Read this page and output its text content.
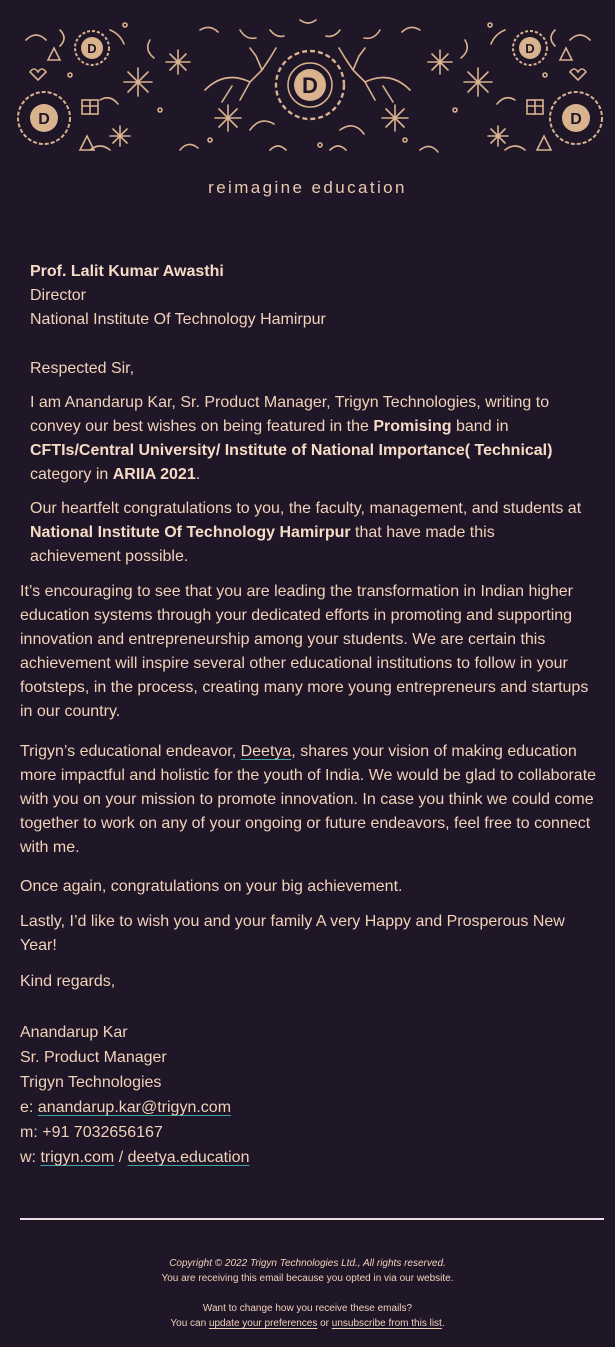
D	D
D	D
D
reimagine education

Prof. Lalit Kumar Awasthi

Director

National Institute Of Technology Hamirpur

Respected Sir,

I am Anandarup Kar, Sr. Product Manager, Trigyn Technologies, writing to convey our best wishes on being featured in the Promising band in CFTIs/Central University/ Institute of National Importance( Technical) category in ARIIA 2021.

Our heartfelt congratulations to you, the faculty, management, and students at National Institute Of Technology Hamirpur that have made this achievement possible.

It’s encouraging to see that you are leading the transformation in Indian higher education systems through your dedicated efforts in promoting and supporting innovation and entrepreneurship among your students. We are certain this achievement will inspire several other educational institutions to follow in your footsteps, in the process, creating many more young entrepreneurs and startups in our country.

Trigyn’s educational endeavor, Deetya, shares your vision of making education more impactful and holistic for the youth of India. We would be glad to collaborate with you on your mission to promote innovation. In case you think we could come together to work on any of your ongoing or future endeavors, feel free to connect with me.

Once again, congratulations on your big achievement.

Lastly, I’d like to wish you and your family A very Happy and Prosperous New Year!

Kind regards,

Anandarup Kar

Sr. Product Manager

Trigyn Technologies

e: anandarup.kar@trigyn.com

m: +91 7032656167

w: trigyn.com / deetya.education

Copyright © 2022 Trigyn Technologies Ltd., All rights reserved.
You are receiving this email because you opted in via our website.
Want to change how you receive these emails?
You can update your preferences or unsubscribe from this list.
